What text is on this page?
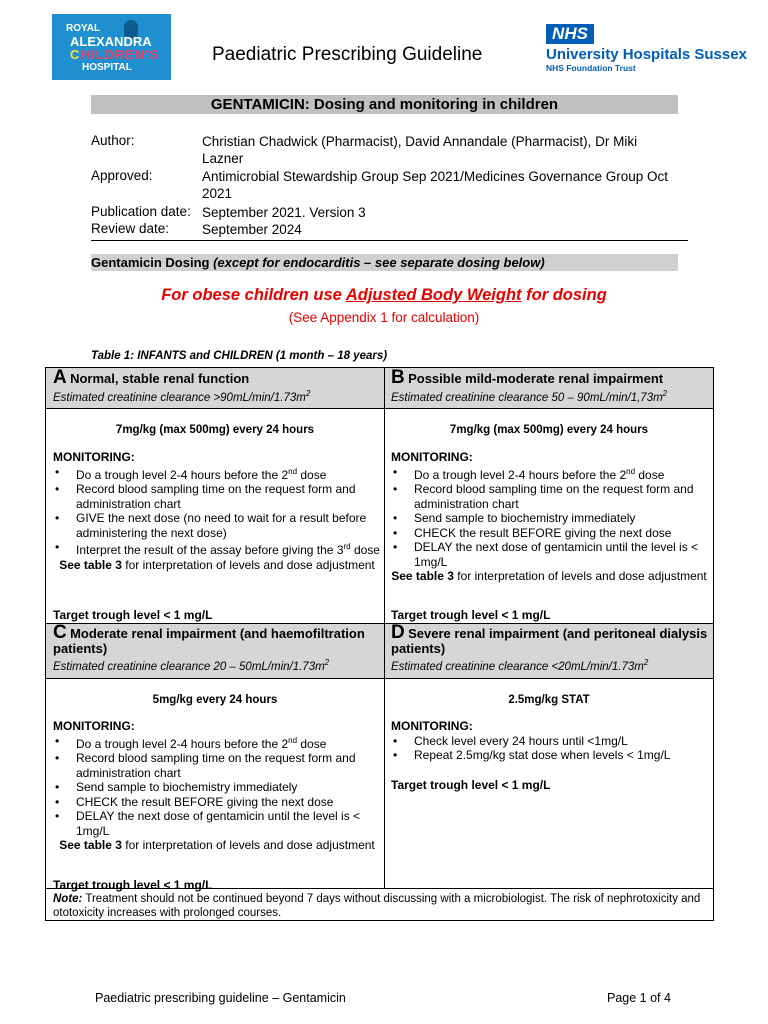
ROYAL
ALEXANDRA
CHILDREN'S
HOSPITAL
Paediatric Prescribing Guideline
NHS
University Hospitals Sussex
NHS Foundation Trust
GENTAMICIN: Dosing and monitoring in children
Author:	Christian Chadwick (Pharmacist), David Annandale (Pharmacist), Dr Miki Lazner
Approved:	Antimicrobial Stewardship Group Sep 2021/Medicines Governance Group Oct 2021
Publication date: September 2021. Version 3
Review date: September 2024
Gentamicin Dosing (except for endocarditis – see separate dosing below)
For obese children use Adjusted Body Weight for dosing
(See Appendix 1 for calculation)
Table 1: INFANTS and CHILDREN (1 month – 18 years)
A Normal, stable renal function
Estimated creatinine clearance $>90mL/\min/1.73m^2$
B Possible mild-moderate renal impairment
Estimated creatinine clearance $50 - 90mL/\min/1,73m^2$
7mg/kg (max 500mg) every 24 hours
MONITORING:
• Do a trough level 2-4 hours before the 2nd dose
• Record blood sampling time on the request form and administration chart
• GIVE the next dose (no need to wait for a result before administering the next dose)
• Interpret the result of the assay before giving the 3rd dose
See table 3 for interpretation of levels and dose adjustment
Target trough level < 1 mg/L
7mg/kg (max 500mg) every 24 hours
MONITORING:
• Do a trough level 2-4 hours before the 2nd dose
• Record blood sampling time on the request form and administration chart
• Send sample to biochemistry immediately
• CHECK the result BEFORE giving the next dose
• DELAY the next dose of gentamicin until the level is < 1mg/L
See table 3 for interpretation of levels and dose adjustment
Target trough level < 1 mg/L
C Moderate renal impairment (and haemofiltration patients)
Estimated creatinine clearance $20 - 50mL/\min/1.73m^2$
D Severe renal impairment (and peritoneal dialysis patients)
Estimated creatinine clearance $<20mL/\min/1.73m^2$
5mg/kg every 24 hours
MONITORING:
• Do a trough level 2-4 hours before the 2nd dose
• Record blood sampling time on the request form and administration chart
• Send sample to biochemistry immediately
• CHECK the result BEFORE giving the next dose
• DELAY the next dose of gentamicin until the level is < 1mg/L
See table 3 for interpretation of levels and dose adjustment
Target trough level < 1 mg/L
2.5mg/kg STAT
MONITORING:
• Check level every 24 hours until <1mg/L
• Repeat 2.5mg/kg stat dose when levels < 1mg/L
Target trough level < 1 mg/L
Note: Treatment should not be continued beyond 7 days without discussing with a microbiologist. The risk of nephrotoxicity and ototoxicity increases with prolonged courses.
Paediatric prescribing guideline – Gentamicin	Page 1 of 4
